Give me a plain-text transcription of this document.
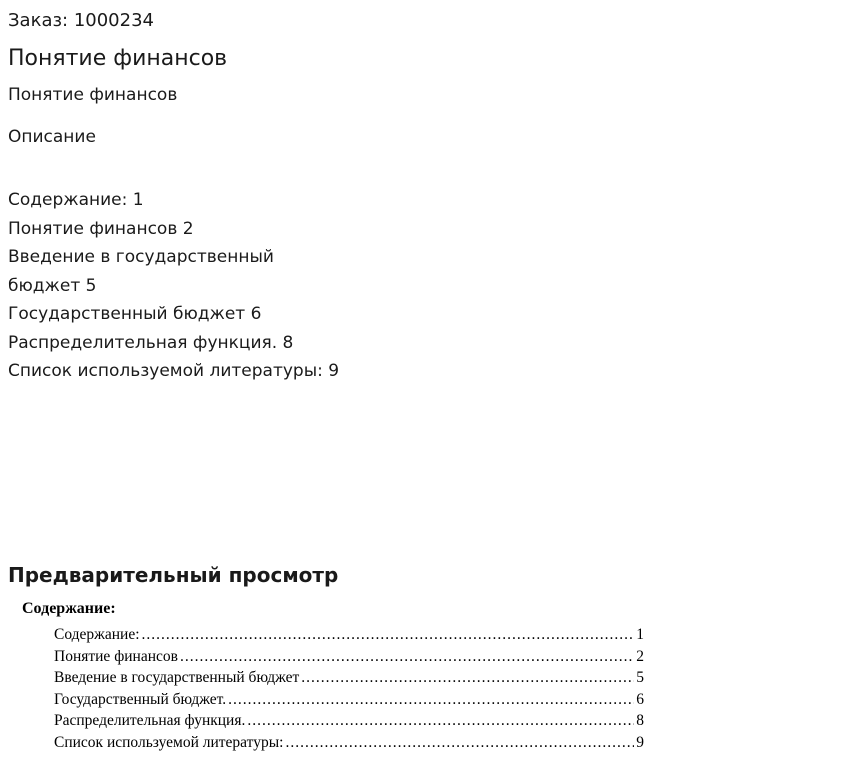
Заказ: 1000234

Понятие финансов

Понятие финансов

Описание

Содержание: 1
Понятие финансов 2
Введение в государственный
бюджет 5
Государственный бюджет 6
Распределительная функция. 8
Список используемой литературы: 9
Предварительный просмотр

Содержание:

Содержание: .....	1
Понятие финансов .....	2
Введение в государственный бюджет .....	5
Государственный бюджет. .....	6
Распределительная функция. .....	8
Список используемой литературы: .....	9
